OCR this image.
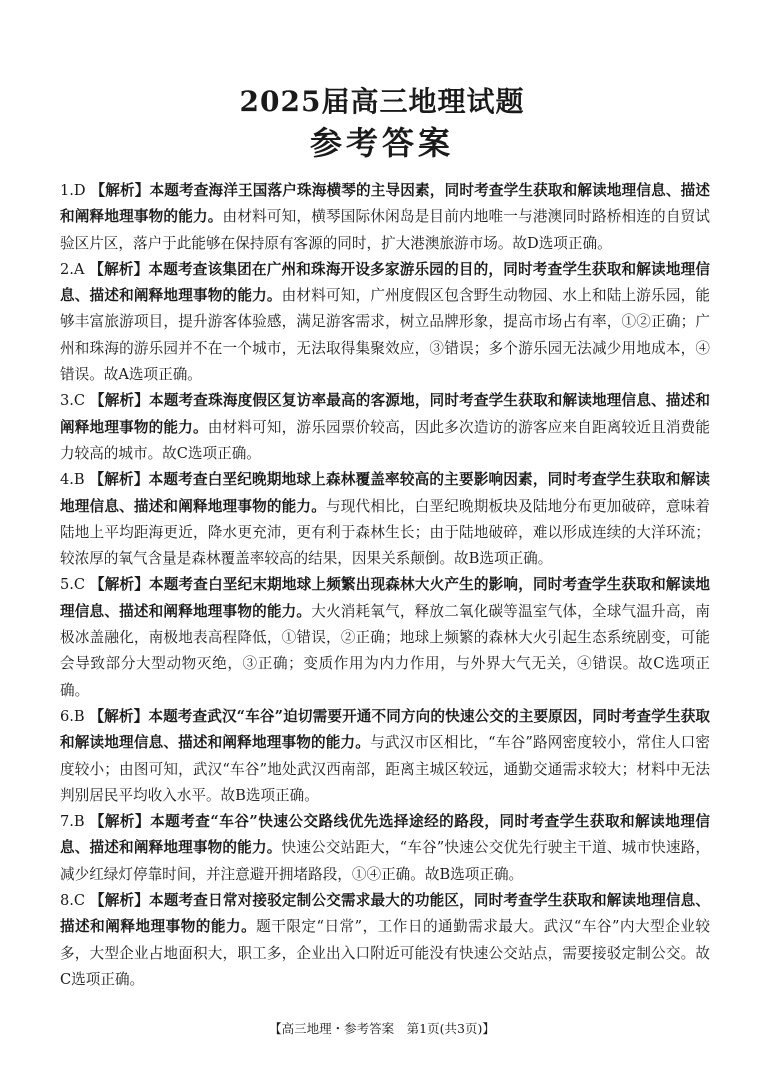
2025届高三地理试题
参考答案

1.D 【解析】本题考查海洋王国落户珠海横琴的主导因素，同时考查学生获取和解读地理信息、描述和阐释地理事物的能力。由材料可知，横琴国际休闲岛是目前内地唯一与港澳同时路桥相连的自贸试验区片区，落户于此能够在保持原有客源的同时，扩大港澳旅游市场。故D选项正确。

2.A 【解析】本题考查该集团在广州和珠海开设多家游乐园的目的，同时考查学生获取和解读地理信息、描述和阐释地理事物的能力。由材料可知，广州度假区包含野生动物园、水上和陆上游乐园，能够丰富旅游项目，提升游客体验感，满足游客需求，树立品牌形象，提高市场占有率，①②正确；广州和珠海的游乐园并不在一个城市，无法取得集聚效应，③错误；多个游乐园无法减少用地成本，④错误。故A选项正确。

3.C 【解析】本题考查珠海度假区复访率最高的客源地，同时考查学生获取和解读地理信息、描述和阐释地理事物的能力。由材料可知，游乐园票价较高，因此多次造访的游客应来自距离较近且消费能力较高的城市。故C选项正确。

4.B 【解析】本题考查白垩纪晚期地球上森林覆盖率较高的主要影响因素，同时考查学生获取和解读地理信息、描述和阐释地理事物的能力。与现代相比，白垩纪晚期板块及陆地分布更加破碎，意味着陆地上平均距海更近，降水更充沛，更有利于森林生长；由于陆地破碎，难以形成连续的大洋环流；较浓厚的氧气含量是森林覆盖率较高的结果，因果关系颠倒。故B选项正确。

5.C 【解析】本题考查白垩纪末期地球上频繁出现森林大火产生的影响，同时考查学生获取和解读地理信息、描述和阐释地理事物的能力。大火消耗氧气，释放二氧化碳等温室气体，全球气温升高，南极冰盖融化，南极地表高程降低，①错误，②正确；地球上频繁的森林大火引起生态系统剧变，可能会导致部分大型动物灭绝，③正确；变质作用为内力作用，与外界大气无关，④错误。故C选项正确。

6.B 【解析】本题考查武汉“车谷”迫切需要开通不同方向的快速公交的主要原因，同时考查学生获取和解读地理信息、描述和阐释地理事物的能力。与武汉市区相比，“车谷”路网密度较小，常住人口密度较小；由图可知，武汉“车谷”地处武汉西南部，距离主城区较远，通勤交通需求较大；材料中无法判别居民平均收入水平。故B选项正确。

7.B 【解析】本题考查“车谷”快速公交路线优先选择途经的路段，同时考查学生获取和解读地理信息、描述和阐释地理事物的能力。快速公交站距大，“车谷”快速公交优先行驶主干道、城市快速路，减少红绿灯停靠时间，并注意避开拥堵路段，①④正确。故B选项正确。

8.C 【解析】本题考查日常对接驳定制公交需求最大的功能区，同时考查学生获取和解读地理信息、描述和阐释地理事物的能力。题干限定“日常”，工作日的通勤需求最大。武汉“车谷”内大型企业较多，大型企业占地面积大，职工多，企业出入口附近可能没有快速公交站点，需要接驳定制公交。故C选项正确。

【高三地理・参考答案　第1页(共3页)】
